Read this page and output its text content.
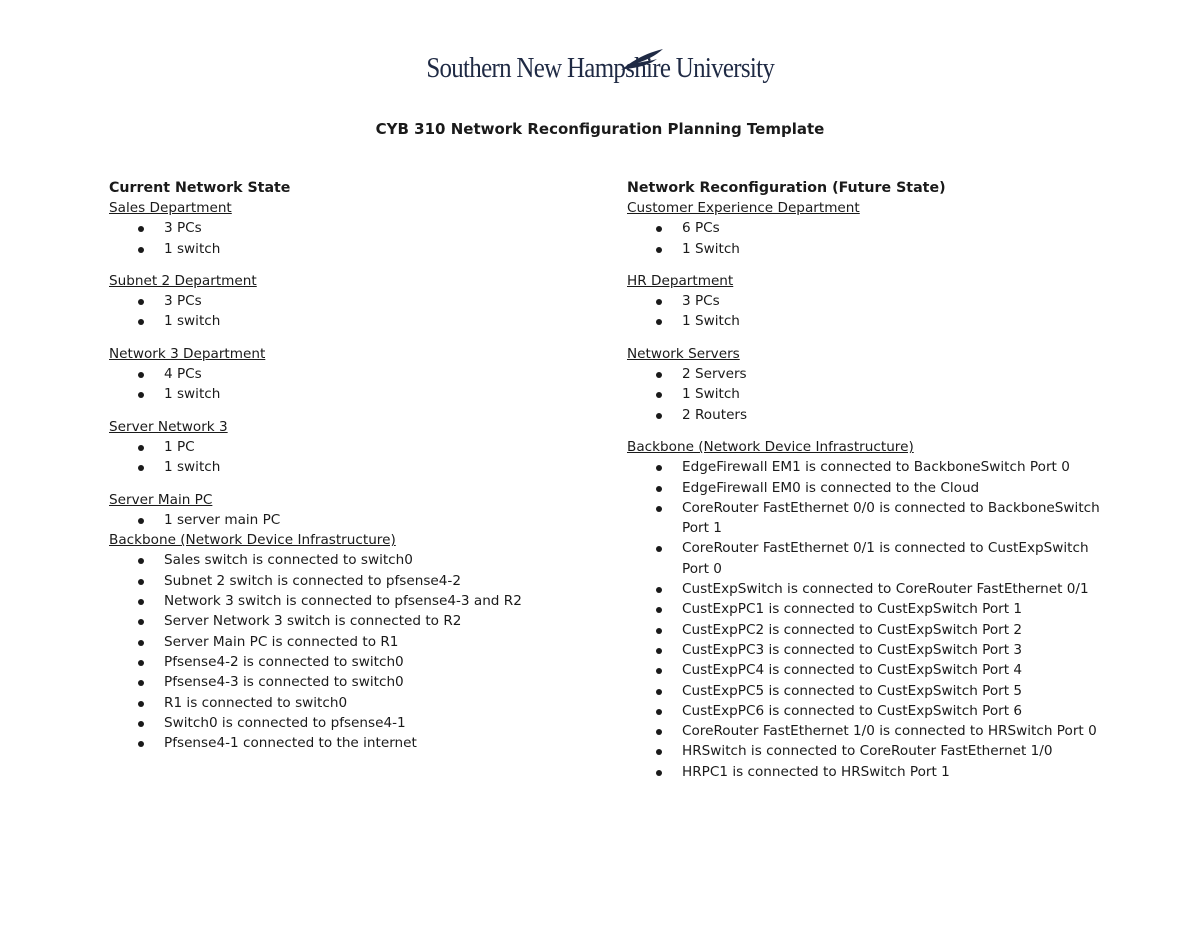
Southern New Hampshire University
CYB 310 Network Reconfiguration Planning Template
Current Network State
Sales Department
3 PCs
1 switch
Subnet 2 Department
3 PCs
1 switch
Network 3 Department
4 PCs
1 switch
Server Network 3
1 PC
1 switch
Server Main PC
1 server main PC
Backbone (Network Device Infrastructure)
Sales switch is connected to switch0
Subnet 2 switch is connected to pfsense4-2
Network 3 switch is connected to pfsense4-3 and R2
Server Network 3 switch is connected to R2
Server Main PC is connected to R1
Pfsense4-2 is connected to switch0
Pfsense4-3 is connected to switch0
R1 is connected to switch0
Switch0 is connected to pfsense4-1
Pfsense4-1 connected to the internet
Network Reconfiguration (Future State)
Customer Experience Department
6 PCs
1 Switch
HR Department
3 PCs
1 Switch
Network Servers
2 Servers
1 Switch
2 Routers
Backbone (Network Device Infrastructure)
EdgeFirewall EM1 is connected to BackboneSwitch Port 0
EdgeFirewall EM0 is connected to the Cloud
CoreRouter FastEthernet 0/0 is connected to BackboneSwitch Port 1
CoreRouter FastEthernet 0/1 is connected to CustExpSwitch Port 0
CustExpSwitch is connected to CoreRouter FastEthernet 0/1
CustExpPC1 is connected to CustExpSwitch Port 1
CustExpPC2 is connected to CustExpSwitch Port 2
CustExpPC3 is connected to CustExpSwitch Port 3
CustExpPC4 is connected to CustExpSwitch Port 4
CustExpPC5 is connected to CustExpSwitch Port 5
CustExpPC6 is connected to CustExpSwitch Port 6
CoreRouter FastEthernet 1/0 is connected to HRSwitch Port 0
HRSwitch is connected to CoreRouter FastEthernet 1/0
HRPC1 is connected to HRSwitch Port 1
